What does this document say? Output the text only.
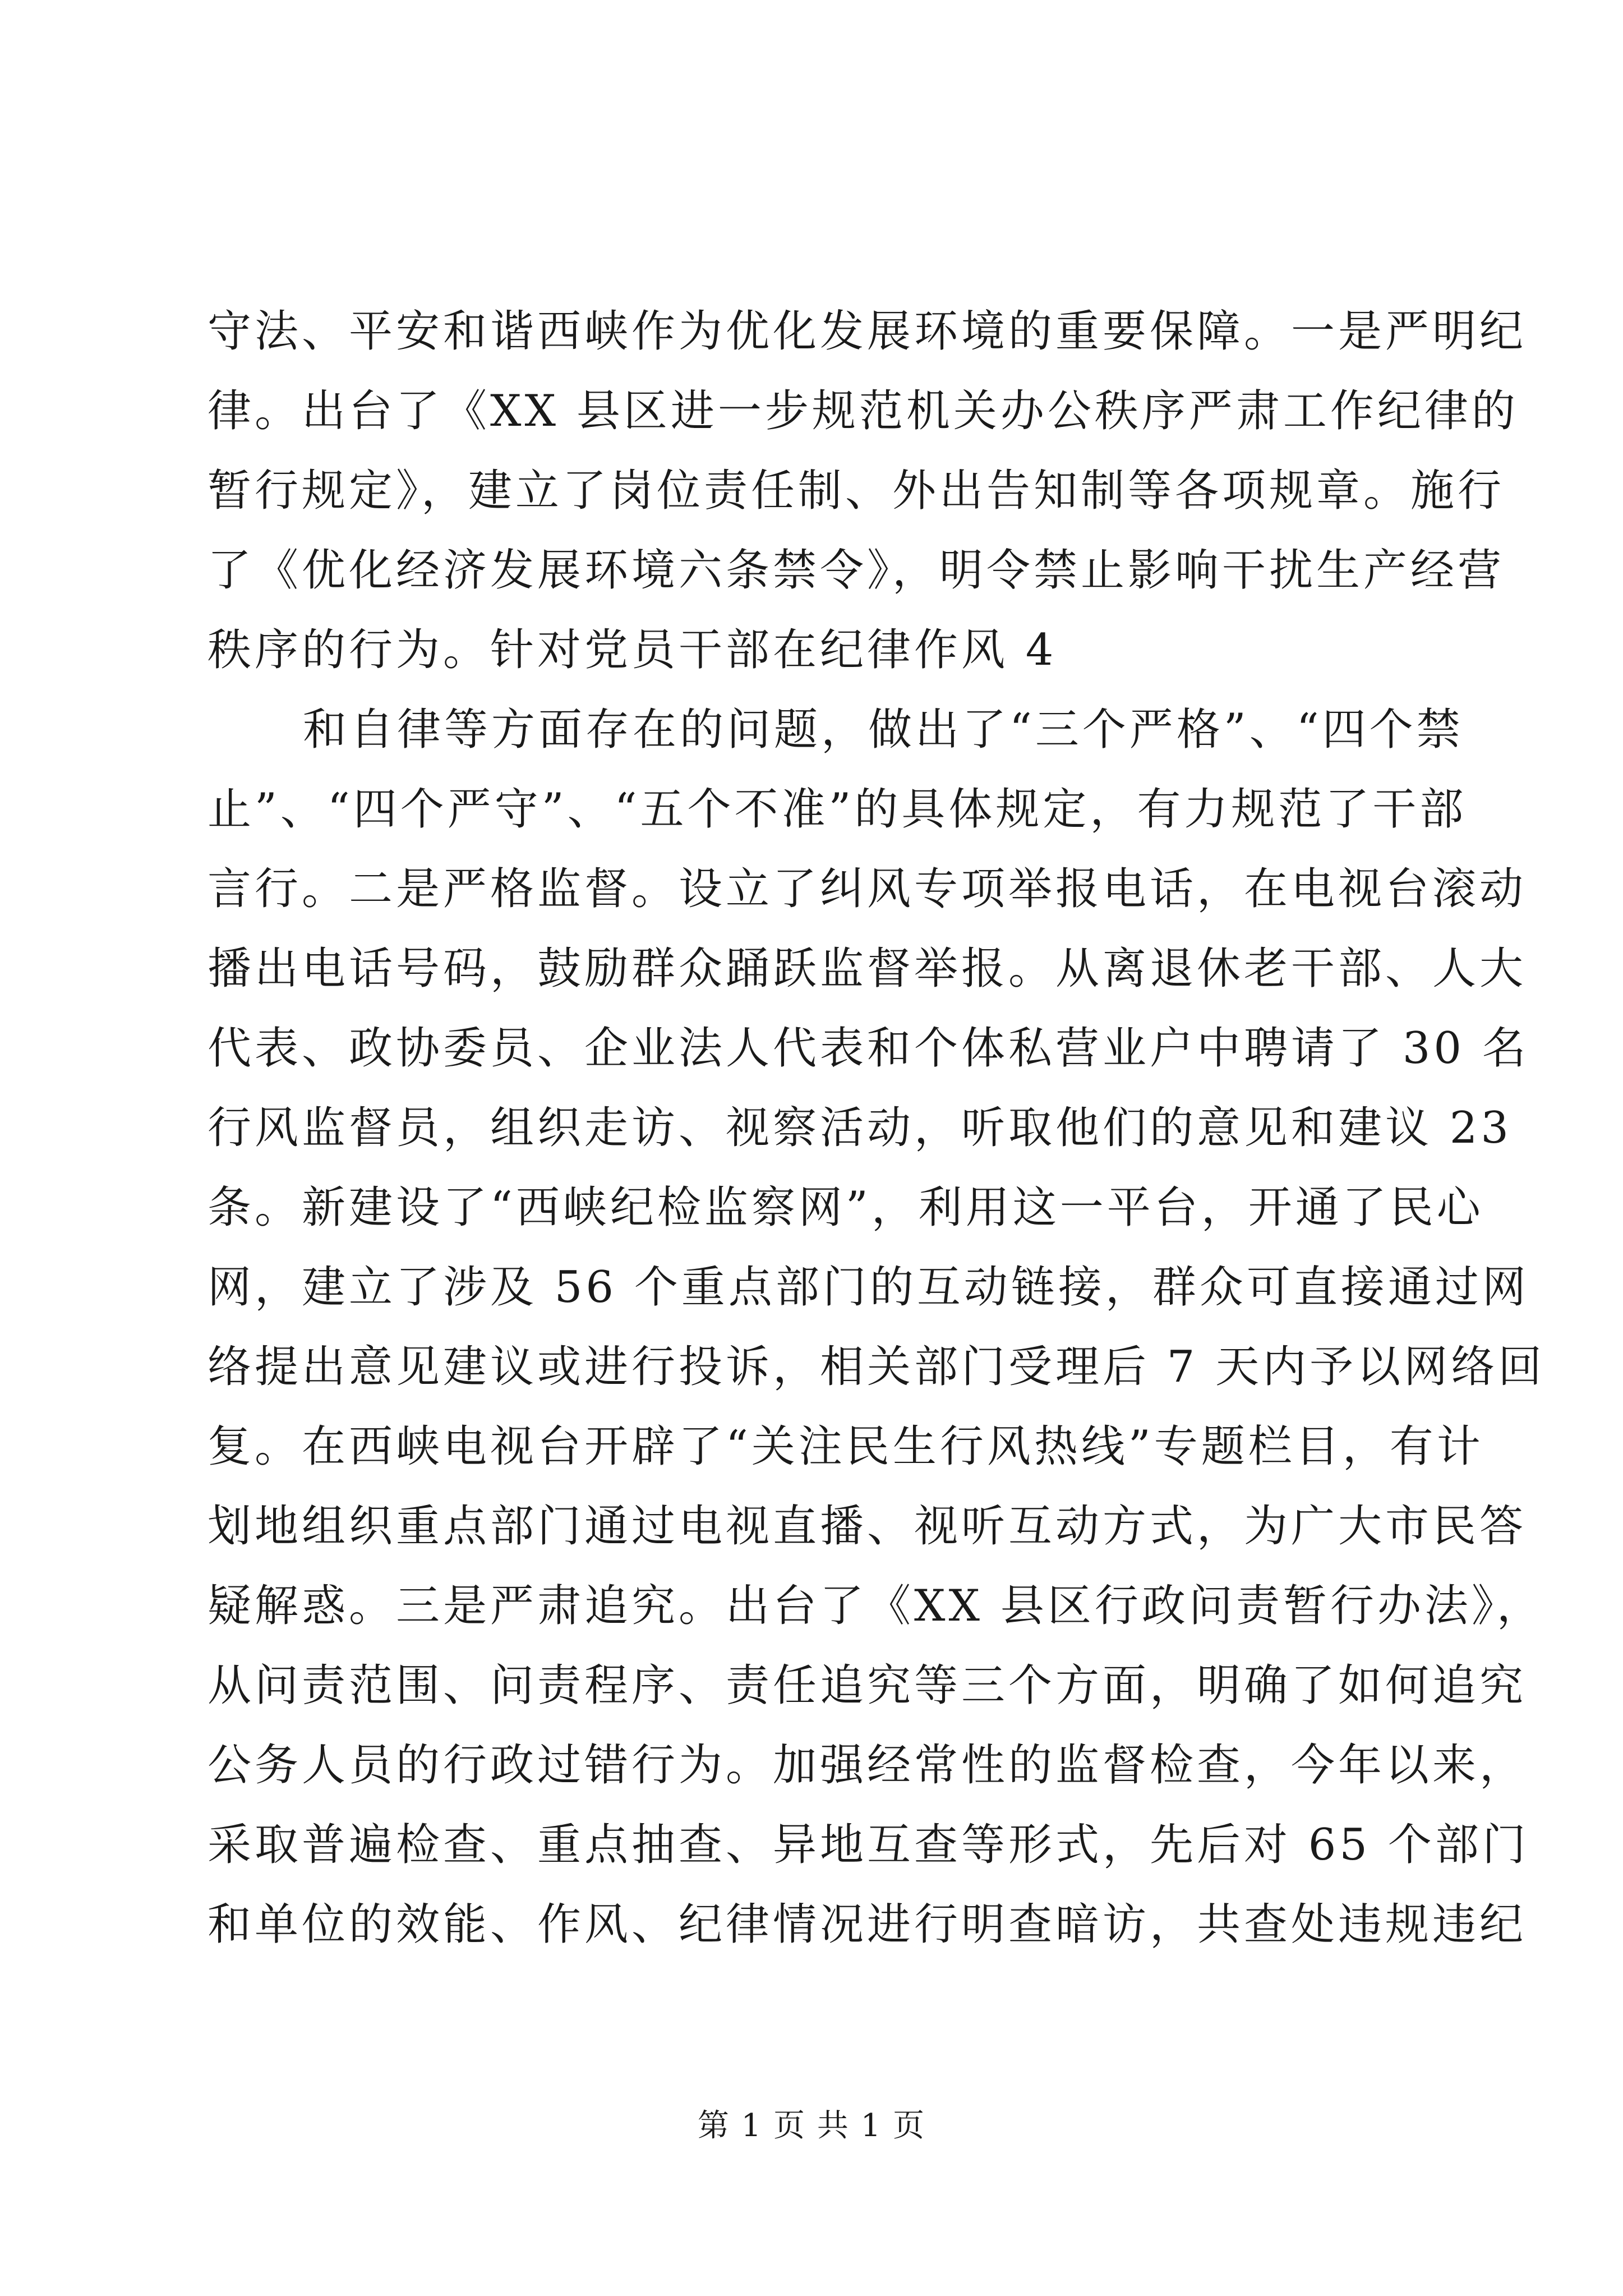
守法、平安和谐西峡作为优化发展环境的重要保障。一是严明纪
律。出台了《XX 县区进一步规范机关办公秩序严肃工作纪律的
暂行规定》，建立了岗位责任制、外出告知制等各项规章。施行
了《优化经济发展环境六条禁令》，明令禁止影响干扰生产经营
秩序的行为。针对党员干部在纪律作风 4
和自律等方面存在的问题，做出了“三个严格”、“四个禁
止”、“四个严守”、“五个不准”的具体规定，有力规范了干部
言行。二是严格监督。设立了纠风专项举报电话，在电视台滚动
播出电话号码，鼓励群众踊跃监督举报。从离退休老干部、人大
代表、政协委员、企业法人代表和个体私营业户中聘请了 30 名
行风监督员，组织走访、视察活动，听取他们的意见和建议 23
条。新建设了“西峡纪检监察网”，利用这一平台，开通了民心
网，建立了涉及 56 个重点部门的互动链接，群众可直接通过网
络提出意见建议或进行投诉，相关部门受理后 7 天内予以网络回
复。在西峡电视台开辟了“关注民生行风热线”专题栏目，有计
划地组织重点部门通过电视直播、视听互动方式，为广大市民答
疑解惑。三是严肃追究。出台了《XX 县区行政问责暂行办法》，
从问责范围、问责程序、责任追究等三个方面，明确了如何追究
公务人员的行政过错行为。加强经常性的监督检查，今年以来，
采取普遍检查、重点抽查、异地互查等形式，先后对 65 个部门
和单位的效能、作风、纪律情况进行明查暗访，共查处违规违纪
第 1 页 共 1 页
